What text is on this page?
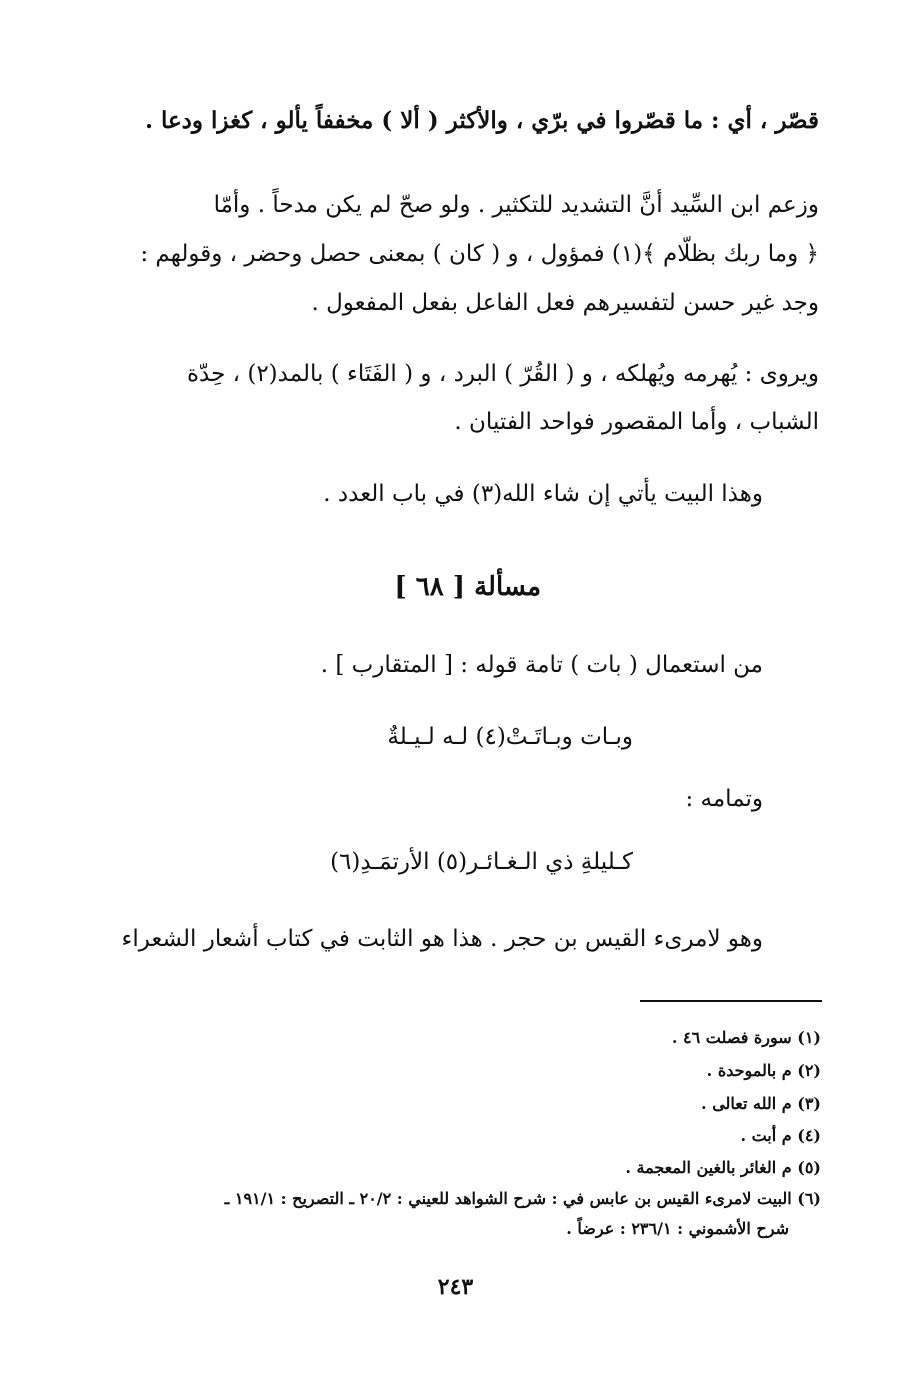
قصّر ، أي : ما قصّروا في برّي ، والأكثر ( ألا ) مخففاً يألو ، كغزا ودعا .
وزعم ابن السِّيد أنَّ التشديد للتكثير . ولو صحّ لم يكن مدحاً . وأمّا
﴿ وما ربك بظلّام ﴾(١) فمؤول ، و ( كان ) بمعنى حصل وحضر ، وقولهم :
وجد غير حسن لتفسيرهم فعل الفاعل بفعل المفعول .
ويروى : يُهرمه ويُهلكه ، و ( القُرّ ) البرد ، و ( الفَتَاء ) بالمد(٢) ، حِدّة
الشباب ، وأما المقصور فواحد الفتيان .
وهذا البيت يأتي إن شاء الله(٣) في باب العدد .
مسألة [ ٦٨ ]
من استعمال ( بات ) تامة قوله : [ المتقارب ] .
وبـات وبـاتَـتْ(٤) لـه لـيـلةٌ
وتمامه :
كـليلةِ ذي الـغـائـر(٥) الأرتمَـدِ(٦)
وهو لامرىء القيس بن حجر . هذا هو الثابت في كتاب أشعار الشعراء
(١) سورة فصلت ٤٦ .
(٢) م بالموحدة .
(٣) م الله تعالى .
(٤) م أبت .
(٥) م الغائر بالغين المعجمة .
(٦) البيت لامرىء القيس بن عابس في : شرح الشواهد للعيني : ٢٠/٢ ـ التصريح : ١٩١/١ ـ
شرح الأشموني : ٢٣٦/١ : عرضاً .
٢٤٣
